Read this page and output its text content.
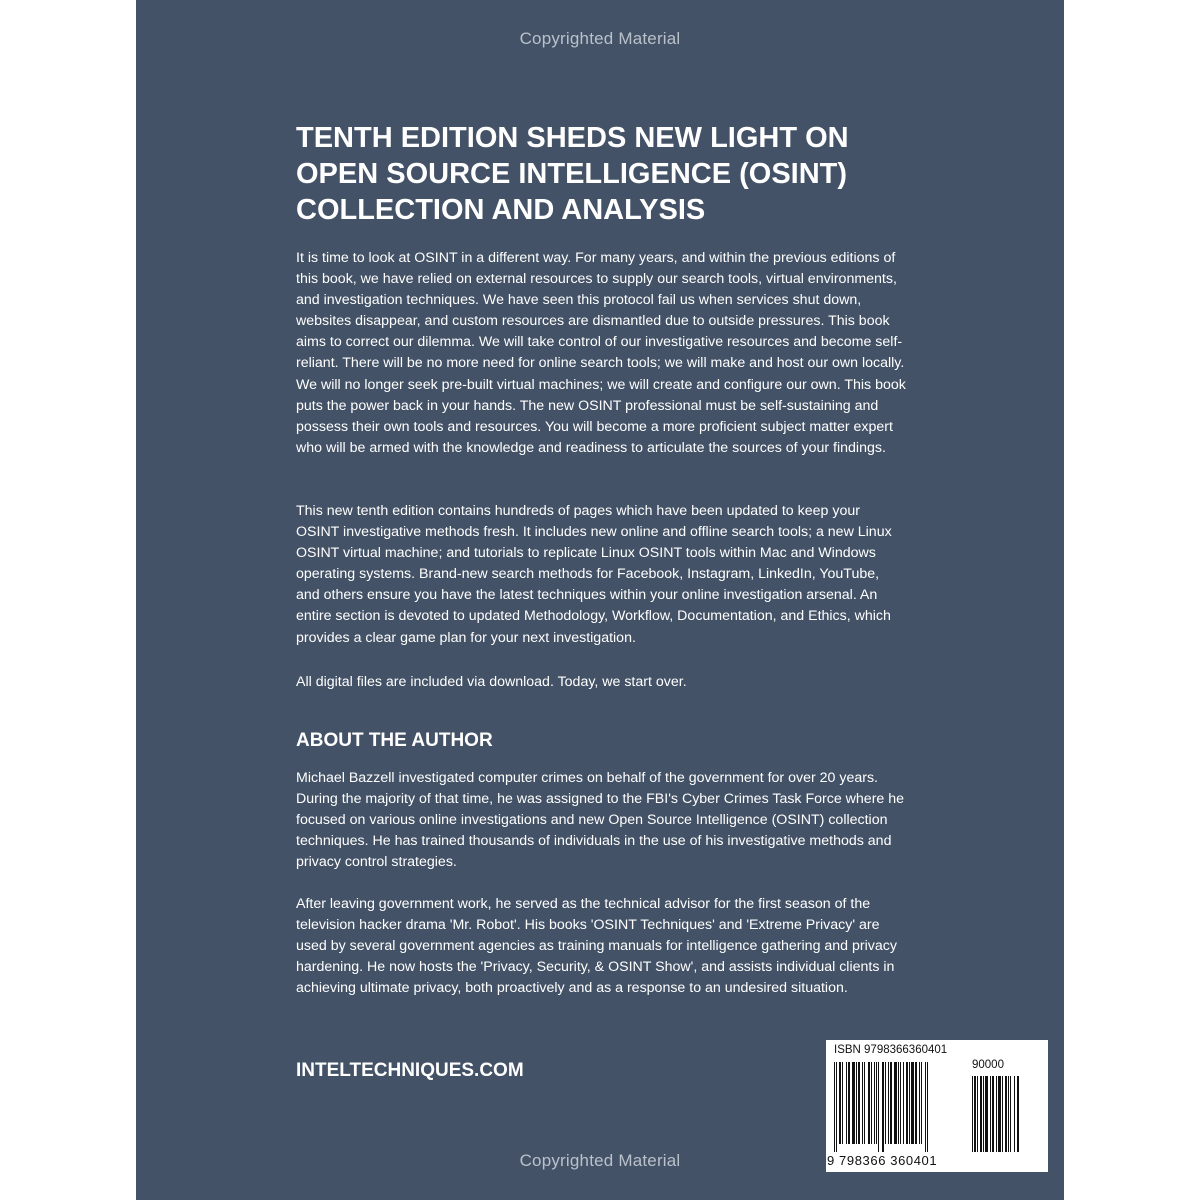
Copyrighted Material
TENTH EDITION SHEDS NEW LIGHT ON OPEN SOURCE INTELLIGENCE (OSINT) COLLECTION AND ANALYSIS

It is time to look at OSINT in a different way. For many years, and within the previous editions of this book, we have relied on external resources to supply our search tools, virtual environments, and investigation techniques. We have seen this protocol fail us when services shut down, websites disappear, and custom resources are dismantled due to outside pressures. This book aims to correct our dilemma. We will take control of our investigative resources and become self-reliant. There will be no more need for online search tools; we will make and host our own locally. We will no longer seek pre-built virtual machines; we will create and configure our own. This book puts the power back in your hands. The new OSINT professional must be self-sustaining and possess their own tools and resources. You will become a more proficient subject matter expert who will be armed with the knowledge and readiness to articulate the sources of your findings.

This new tenth edition contains hundreds of pages which have been updated to keep your OSINT investigative methods fresh. It includes new online and offline search tools; a new Linux OSINT virtual machine; and tutorials to replicate Linux OSINT tools within Mac and Windows operating systems. Brand-new search methods for Facebook, Instagram, LinkedIn, YouTube, and others ensure you have the latest techniques within your online investigation arsenal. An entire section is devoted to updated Methodology, Workflow, Documentation, and Ethics, which provides a clear game plan for your next investigation.

All digital files are included via download. Today, we start over.

ABOUT THE AUTHOR

Michael Bazzell investigated computer crimes on behalf of the government for over 20 years. During the majority of that time, he was assigned to the FBI's Cyber Crimes Task Force where he focused on various online investigations and new Open Source Intelligence (OSINT) collection techniques. He has trained thousands of individuals in the use of his investigative methods and privacy control strategies.

After leaving government work, he served as the technical advisor for the first season of the television hacker drama 'Mr. Robot'. His books 'OSINT Techniques' and 'Extreme Privacy' are used by several government agencies as training manuals for intelligence gathering and privacy hardening. He now hosts the 'Privacy, Security, & OSINT Show', and assists individual clients in achieving ultimate privacy, both proactively and as a response to an undesired situation.

INTELTECHNIQUES.COM
ISBN 9798366360401
90000
9 798366 360401
Copyrighted Material
